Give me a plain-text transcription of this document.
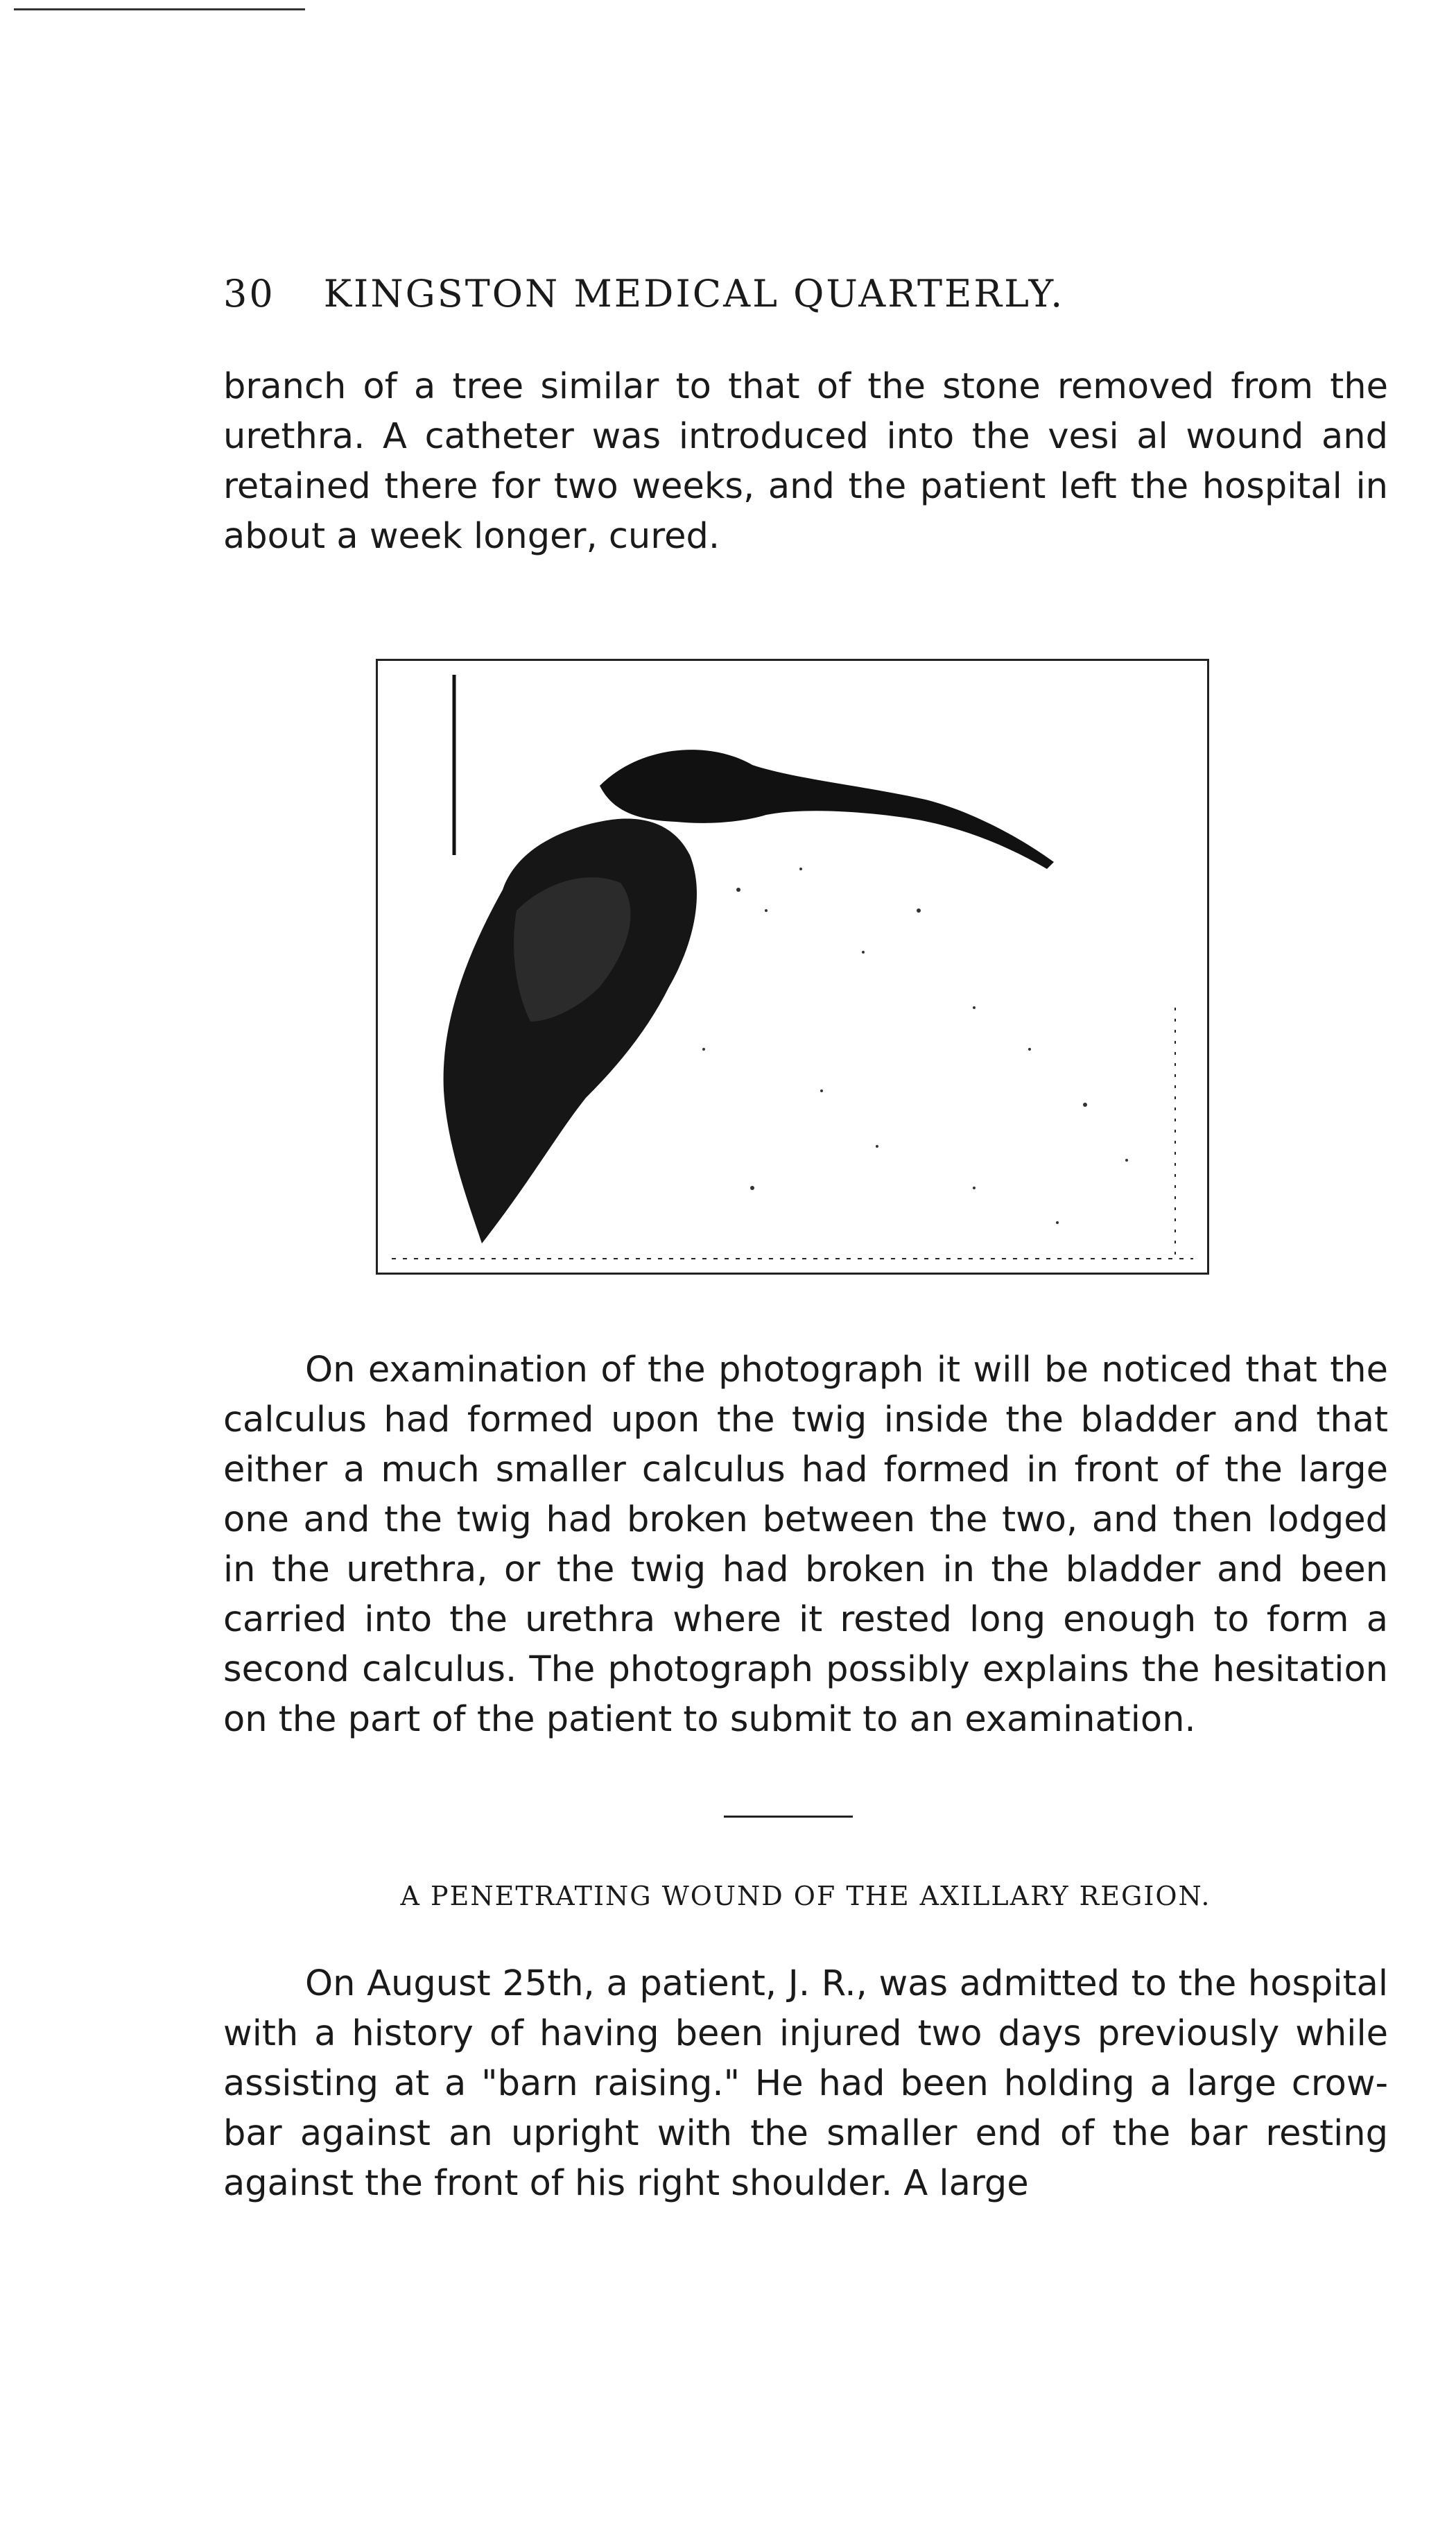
30 KINGSTON MEDICAL QUARTERLY.

branch of a tree similar to that of the stone removed from the urethra. A catheter was introduced into the vesi al wound and retained there for two weeks, and the patient left the hospital in about a week longer, cured.

On examination of the photograph it will be noticed that the calculus had formed upon the twig inside the bladder and that either a much smaller calculus had formed in front of the large one and the twig had broken between the two, and then lodged in the urethra, or the twig had broken in the bladder and been carried into the urethra where it rested long enough to form a second calculus. The photograph possibly explains the hesitation on the part of the patient to submit to an examination.

A PENETRATING WOUND OF THE AXILLARY REGION.

On August 25th, a patient, J. R., was admitted to the hospital with a history of having been injured two days previously while assisting at a "barn raising." He had been holding a large crow-bar against an upright with the smaller end of the bar resting against the front of his right shoulder. A large
